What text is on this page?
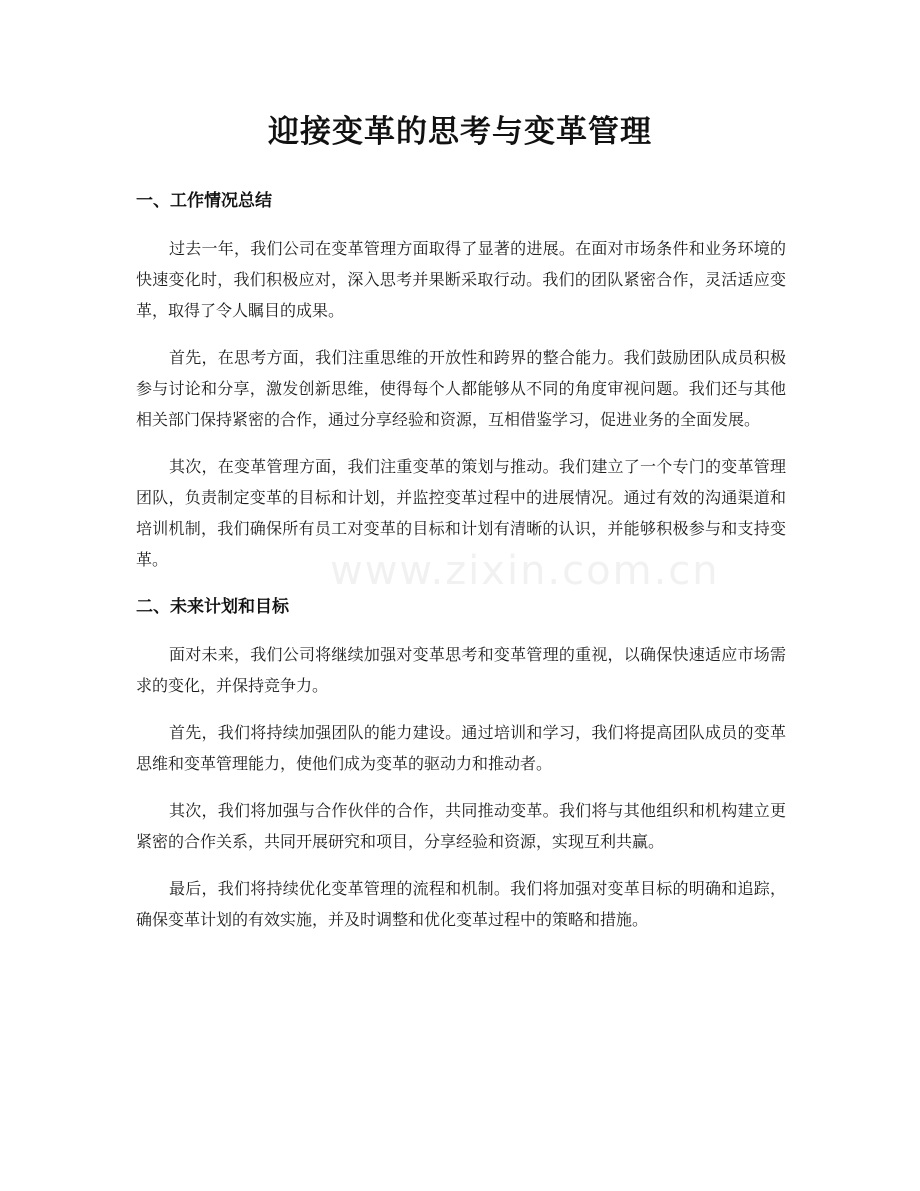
迎接变革的思考与变革管理
www.zixin.com.cn
一、工作情况总结

过去一年，我们公司在变革管理方面取得了显著的进展。在面对市场条件和业务环境的快速变化时，我们积极应对，深入思考并果断采取行动。我们的团队紧密合作，灵活适应变革，取得了令人瞩目的成果。

首先，在思考方面，我们注重思维的开放性和跨界的整合能力。我们鼓励团队成员积极参与讨论和分享，激发创新思维，使得每个人都能够从不同的角度审视问题。我们还与其他相关部门保持紧密的合作，通过分享经验和资源，互相借鉴学习，促进业务的全面发展。

其次，在变革管理方面，我们注重变革的策划与推动。我们建立了一个专门的变革管理团队，负责制定变革的目标和计划，并监控变革过程中的进展情况。通过有效的沟通渠道和培训机制，我们确保所有员工对变革的目标和计划有清晰的认识，并能够积极参与和支持变革。

二、未来计划和目标

面对未来，我们公司将继续加强对变革思考和变革管理的重视，以确保快速适应市场需求的变化，并保持竞争力。

首先，我们将持续加强团队的能力建设。通过培训和学习，我们将提高团队成员的变革思维和变革管理能力，使他们成为变革的驱动力和推动者。

其次，我们将加强与合作伙伴的合作，共同推动变革。我们将与其他组织和机构建立更紧密的合作关系，共同开展研究和项目，分享经验和资源，实现互利共赢。

最后，我们将持续优化变革管理的流程和机制。我们将加强对变革目标的明确和追踪，确保变革计划的有效实施，并及时调整和优化变革过程中的策略和措施。
